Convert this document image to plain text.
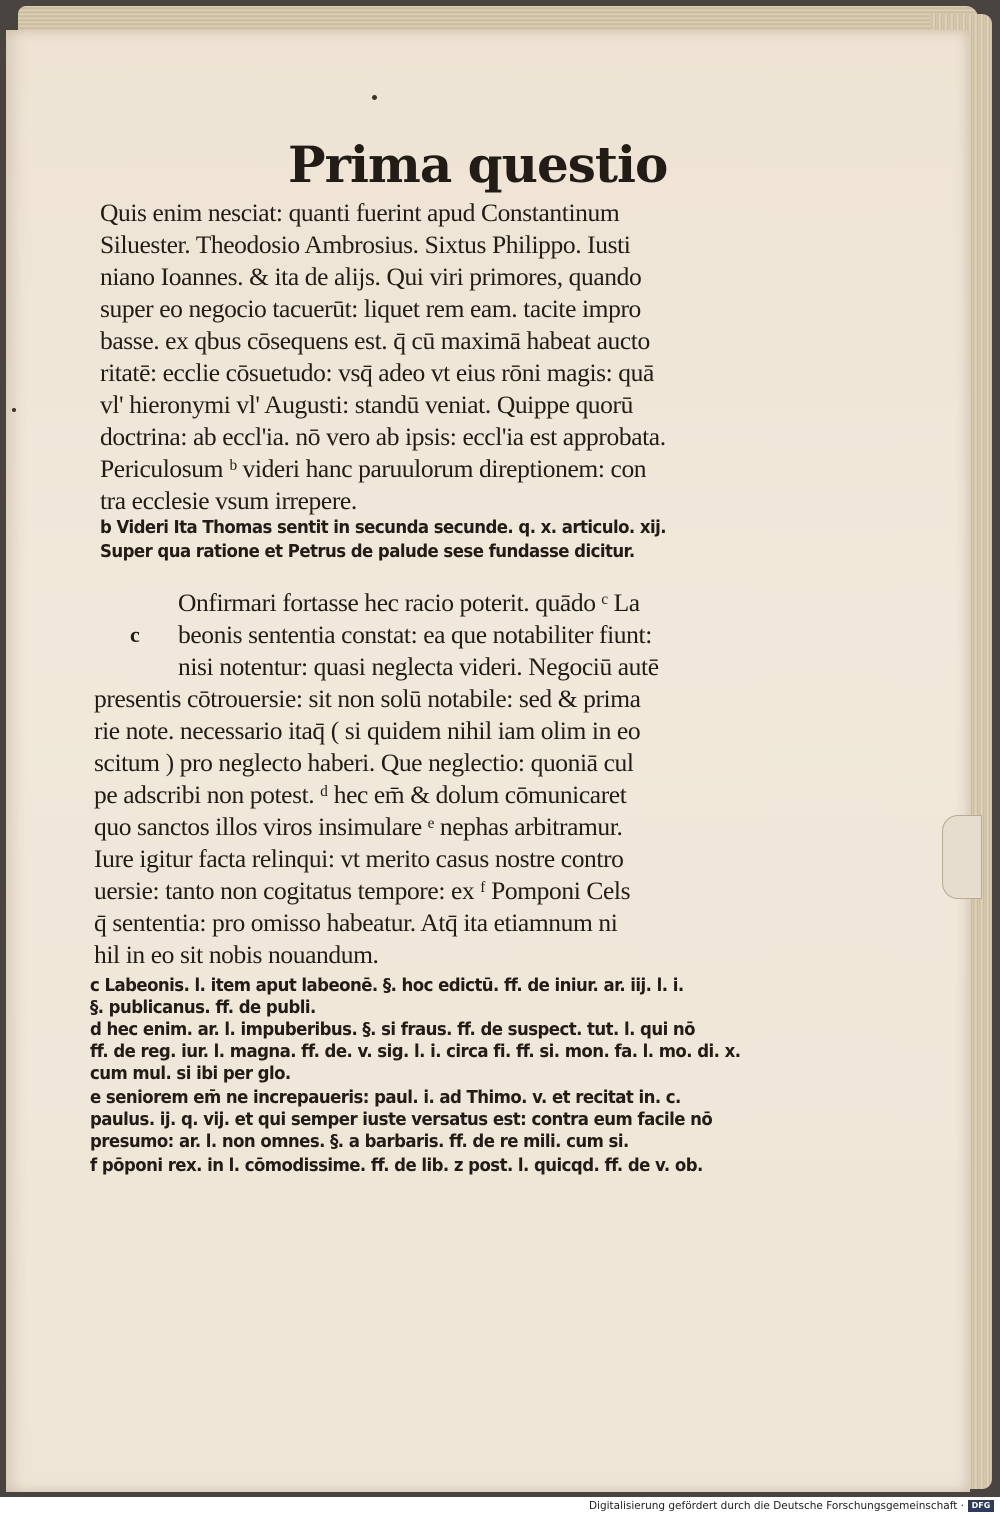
Prima questio
Quis enim nesciat: quanti fuerint apud Constantinum
Siluester. Theodosio Ambrosius. Sixtus Philippo. Iusti
niano Ioannes. & ita de alijs. Qui viri primores, quando
super eo negocio tacuerūt: liquet rem eam. tacite impro
basse. ex qbus cōsequens est. q̄ cū maximā habeat aucto
ritatē: ecclie cōsuetudo: vsq̄ adeo vt eius rōni magis: quā
vl' hieronymi vl' Augusti: standū veniat. Quippe quorū
doctrina: ab eccl'ia. nō vero ab ipsis: eccl'ia est approbata.
Periculosum ᵇ videri hanc paruulorum direptionem: con
tra ecclesie vsum irrepere.
b Videri Ita Thomas sentit in secunda secunde. q. x. articulo. xij.
Super qua ratione et Petrus de palude sese fundasse dicitur.
c
Onfirmari fortasse hec racio poterit. quādo ᶜ La
beonis sententia constat: ea que notabiliter fiunt:
nisi notentur: quasi neglecta videri. Negociū autē
presentis cōtrouersie: sit non solū notabile: sed & prima
rie note. necessario itaq̄ ( si quidem nihil iam olim in eo
scitum ) pro neglecto haberi. Que neglectio: quoniā cul
pe adscribi non potest. ᵈ hec em̄ & dolum cōmunicaret
quo sanctos illos viros insimulare ᵉ nephas arbitramur.
Iure igitur facta relinqui: vt merito casus nostre contro
uersie: tanto non cogitatus tempore: ex ᶠ Pomponi Cels
q̄ sententia: pro omisso habeatur. Atq̄ ita etiamnum ni
hil in eo sit nobis nouandum.
c Labeonis. l. item aput labeonē. §. hoc edictū. ff. de iniur. ar. iij. l. i.
§. publicanus. ff. de publi.
d hec enim. ar. l. impuberibus. §. si fraus. ff. de suspect. tut. l. qui nō
ff. de reg. iur. l. magna. ff. de. v. sig. l. i. circa fi. ff. si. mon. fa. l. mo. di. x.
cum mul. si ibi per glo.
e seniorem em̄ ne increpaueris: paul. i. ad Thimo. v. et recitat in. c.
paulus. ij. q. vij. et qui semper iuste versatus est: contra eum facile nō
presumo: ar. l. non omnes. §. a barbaris. ff. de re mili. cum si.
f pōponi rex. in l. cōmodissime. ff. de lib. z post. l. quicqd. ff. de v. ob.
Digitalisierung gefördert durch die Deutsche Forschungsgemeinschaft · DFG
